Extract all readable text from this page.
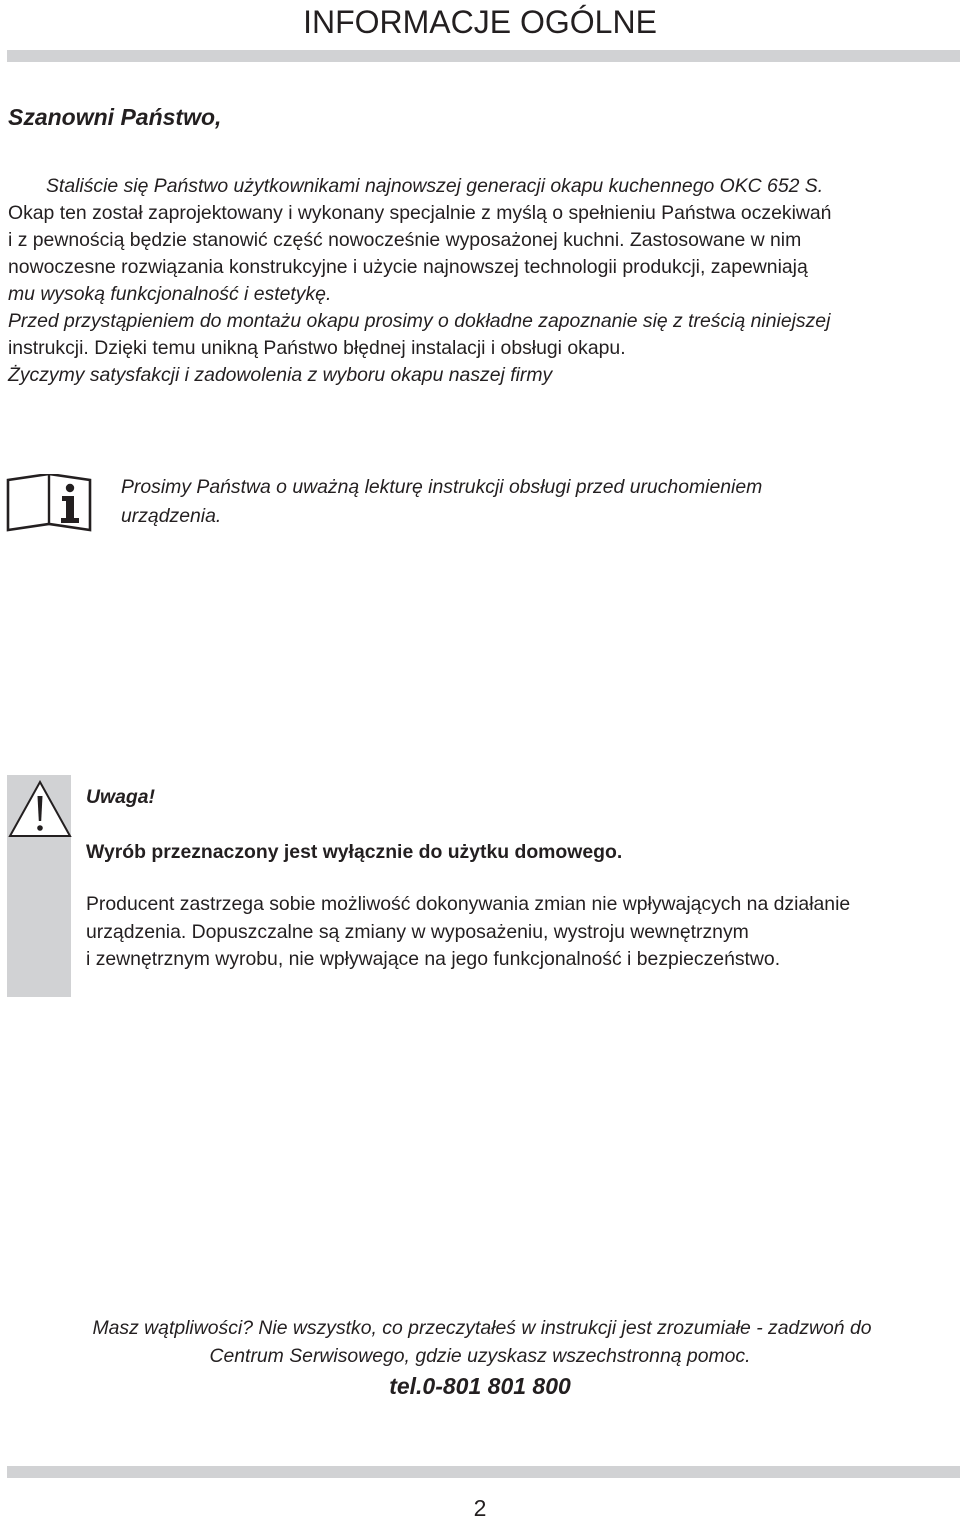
INFORMACJE OGÓLNE
Szanowni Państwo,

Staliście się Państwo użytkownikami najnowszej generacji okapu kuchennego OKC 652 S.

Okap ten został zaprojektowany i wykonany specjalnie z myślą o spełnieniu Państwa oczekiwań

i z pewnością będzie stanowić część nowocześnie wyposażonej kuchni. Zastosowane w nim

nowoczesne rozwiązania konstrukcyjne i użycie najnowszej technologii produkcji, zapewniają

mu wysoką funkcjonalność i estetykę.

Przed przystąpieniem do montażu okapu prosimy o dokładne zapoznanie się z treścią niniejszej

instrukcji. Dzięki temu unikną Państwo błędnej instalacji i obsługi okapu.

Życzymy satysfakcji i zadowolenia z wyboru okapu naszej firmy

Prosimy Państwa o uważną lekturę instrukcji obsługi przed uruchomieniem
urządzenia.
Uwaga!
Wyrób przeznaczony jest wyłącznie do użytku domowego.
Producent zastrzega sobie możliwość dokonywania zmian nie wpływających na działanie
urządzenia. Dopuszczalne są zmiany w wyposażeniu, wystroju wewnętrznym
i zewnętrznym wyrobu, nie wpływające na jego funkcjonalność i bezpieczeństwo.
Masz wątpliwości? Nie wszystko, co przeczytałeś w instrukcji jest zrozumiałe - zadzwoń do
Centrum Serwisowego, gdzie uzyskasz wszechstronną pomoc.
tel.0-801 801 800
2
